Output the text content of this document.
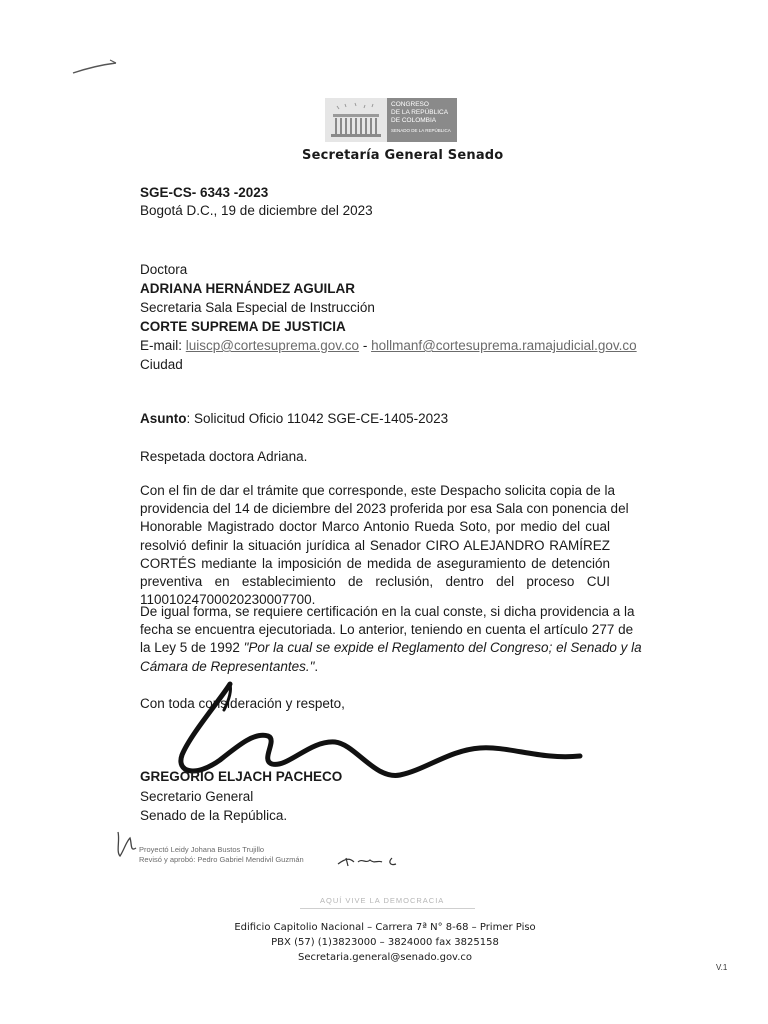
CONGRESO
DE LA REPÚBLICA
DE COLOMBIA
SENADO DE LA REPÚBLICA
Secretaría General Senado
SGE-CS- 6343 -2023
Bogotá D.C., 19 de diciembre del 2023
Doctora
ADRIANA HERNÁNDEZ AGUILAR
Secretaria Sala Especial de Instrucción
CORTE SUPREMA DE JUSTICIA
E-mail: luiscp@cortesuprema.gov.co - hollmanf@cortesuprema.ramajudicial.gov.co
Ciudad
Asunto: Solicitud Oficio 11042 SGE-CE-1405-2023
Respetada doctora Adriana.
Con el fin de dar el trámite que corresponde, este Despacho solicita copia de la
providencia del 14 de diciembre del 2023 proferida por esa Sala con ponencia del
Honorable Magistrado doctor Marco Antonio Rueda Soto, por medio del cual
resolvió definir la situación jurídica al Senador CIRO ALEJANDRO RAMÍREZ
CORTÉS mediante la imposición de medida de aseguramiento de detención
preventiva en establecimiento de reclusión, dentro del proceso CUI
11001024700020230007700.
De igual forma, se requiere certificación en la cual conste, si dicha providencia a la
fecha se encuentra ejecutoriada. Lo anterior, teniendo en cuenta el artículo 277 de
la Ley 5 de 1992 "Por la cual se expide el Reglamento del Congreso; el Senado y la
Cámara de Representantes.".
Con toda consideración y respeto,
GREGORIO ELJACH PACHECO
Secretario General
Senado de la República.
Proyectó Leidy Johana Bustos Trujillo
Revisó y aprobó: Pedro Gabriel Mendivil Guzmán
AQUÍ VIVE LA DEMOCRACIA
Edificio Capitolio Nacional – Carrera 7ª N° 8-68 – Primer Piso
PBX (57) (1)3823000 – 3824000 fax 3825158
Secretaria.general@senado.gov.co
V.1
